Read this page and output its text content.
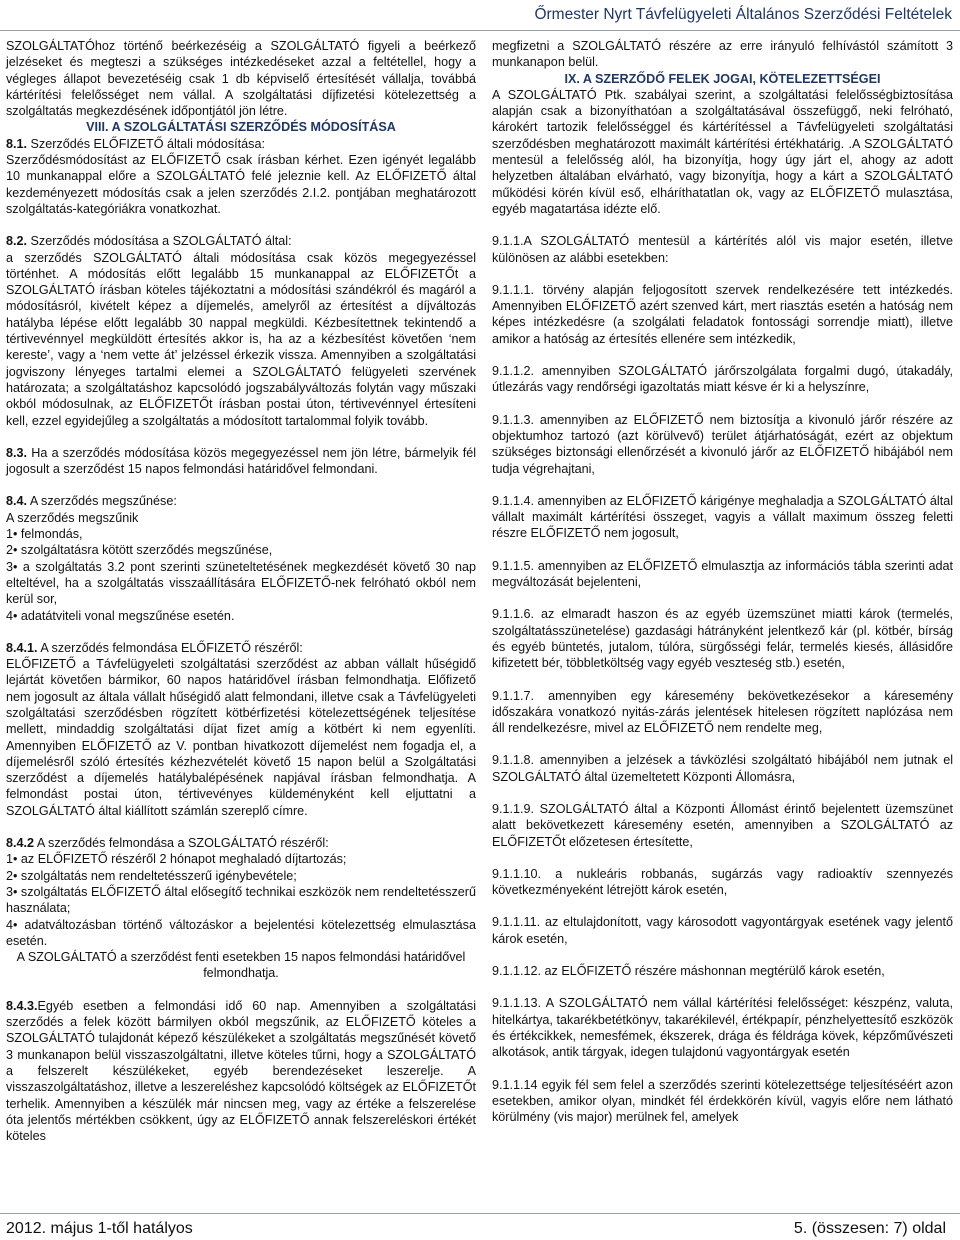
Őrmester Nyrt Távfelügyeleti Általános Szerződési Feltételek

SZOLGÁLTATÓhoz történő beérkezéséig a SZOLGÁLTATÓ figyeli a beérkező jelzéseket és megteszi a szükséges intézkedéseket azzal a feltétellel, hogy a végleges állapot bevezetéséig csak 1 db képviselő értesítését vállalja, továbbá kártérítési felelősséget nem vállal. A szolgáltatási díjfizetési kötelezettség a szolgáltatás megkezdésének időpontjától jön létre.

VIII. A SZOLGÁLTATÁSI SZERZŐDÉS MÓDOSÍTÁSA

8.1. Szerződés ELŐFIZETŐ általi módosítása:

Szerződésmódosítást az ELŐFIZETŐ csak írásban kérhet. Ezen igényét legalább 10 munkanappal előre a SZOLGÁLTATÓ felé jeleznie kell. Az ELŐFIZETŐ által kezdeményezett módosítás csak a jelen szerződés 2.I.2. pontjában meghatározott szolgáltatás-kategóriákra vonatkozhat.

8.2. Szerződés módosítása a SZOLGÁLTATÓ által:

a szerződés SZOLGÁLTATÓ általi módosítása csak közös megegyezéssel történhet. A módosítás előtt legalább 15 munkanappal az ELŐFIZETŐt a SZOLGÁLTATÓ írásban köteles tájékoztatni a módosítási szándékról és magáról a módosításról, kivételt képez a díjemelés, amelyről az értesítést a díjváltozás hatályba lépése előtt legalább 30 nappal megküldi. Kézbesítettnek tekintendő a tértivevénnyel megküldött értesítés akkor is, ha az a kézbesítést követően ‘nem kereste’, vagy a ‘nem vette át’ jelzéssel érkezik vissza. Amennyiben a szolgáltatási jogviszony lényeges tartalmi elemei a SZOLGÁLTATÓ felügyeleti szervének határozata; a szolgáltatáshoz kapcsolódó jogszabályváltozás folytán vagy műszaki okból módosulnak, az ELŐFIZETŐt írásban postai úton, tértivevénnyel értesíteni kell, ezzel egyidejűleg a szolgáltatás a módosított tartalommal folyik tovább.

8.3. Ha a szerződés módosítása közös megegyezéssel nem jön létre, bármelyik fél jogosult a szerződést 15 napos felmondási határidővel felmondani.

8.4. A szerződés megszűnése:

A szerződés megszűnik

1• felmondás,

2• szolgáltatásra kötött szerződés megszűnése,

3• a szolgáltatás 3.2 pont szerinti szüneteltetésének megkezdését követő 30 nap elteltével, ha a szolgáltatás visszaállítására ELŐFIZETŐ-nek felróható okból nem kerül sor,

4• adatátviteli vonal megszűnése esetén.

8.4.1. A szerződés felmondása ELŐFIZETŐ részéről:

ELŐFIZETŐ a Távfelügyeleti szolgáltatási szerződést az abban vállalt hűségidő lejártát követően bármikor, 60 napos határidővel írásban felmondhatja. Előfizető nem jogosult az általa vállalt hűségidő alatt felmondani, illetve csak a Távfelügyeleti szolgáltatási szerződésben rögzített kötbérfizetési kötelezettségének teljesítése mellett, mindaddig szolgáltatási díjat fizet amíg a kötbért ki nem egyenlíti. Amennyiben ELŐFIZETŐ az V. pontban hivatkozott díjemelést nem fogadja el, a díjemelésről szóló értesítés kézhezvételét követő 15 napon belül a Szolgáltatási szerződést a díjemelés hatálybalépésének napjával írásban felmondhatja. A felmondást postai úton, tértivevényes küldeményként kell eljuttatni a SZOLGÁLTATÓ által kiállított számlán szereplő címre.

8.4.2 A szerződés felmondása a SZOLGÁLTATÓ részéről:

1• az ELŐFIZETŐ részéről 2 hónapot meghaladó díjtartozás;

2• szolgáltatás nem rendeltetésszerű igénybevétele;

3• szolgáltatás ELŐFIZETŐ által elősegítő technikai eszközök nem rendeltetésszerű használata;

4• adatváltozásban történő változáskor a bejelentési kötelezettség elmulasztása esetén.

A SZOLGÁLTATÓ a szerződést fenti esetekben 15 napos felmondási határidővel felmondhatja.

8.4.3.Egyéb esetben a felmondási idő 60 nap. Amennyiben a szolgáltatási szerződés a felek között bármilyen okból megszűnik, az ELŐFIZETŐ köteles a SZOLGÁLTATÓ tulajdonát képező készülékeket a szolgáltatás megszűnését követő 3 munkanapon belül visszaszolgáltatni, illetve köteles tűrni, hogy a SZOLGÁLTATÓ a felszerelt készülékeket, egyéb berendezéseket leszerelje. A visszaszolgáltatáshoz, illetve a leszereléshez kapcsolódó költségek az ELŐFIZETŐt terhelik. Amennyiben a készülék már nincsen meg, vagy az értéke a felszerelése óta jelentős mértékben csökkent, úgy az ELŐFIZETŐ annak felszereléskori értékét köteles

megfizetni a SZOLGÁLTATÓ részére az erre irányuló felhívástól számított 3 munkanapon belül.

IX. A SZERZŐDŐ FELEK JOGAI, KÖTELEZETTSÉGEI

A SZOLGÁLTATÓ Ptk. szabályai szerint, a szolgáltatási felelősségbiztosítása alapján csak a bizonyíthatóan a szolgáltatásával összefüggő, neki felróható, károkért tartozik felelősséggel és kártérítéssel a Távfelügyeleti szolgáltatási szerződésben meghatározott maximált kártérítési értékhatárig. .A SZOLGÁLTATÓ mentesül a felelősség alól, ha bizonyítja, hogy úgy járt el, ahogy az adott helyzetben általában elvárható, vagy bizonyítja, hogy a kárt a SZOLGÁLTATÓ működési körén kívül eső, elháríthatatlan ok, vagy az ELŐFIZETŐ mulasztása, egyéb magatartása idézte elő.

9.1.1.A SZOLGÁLTATÓ mentesül a kártérítés alól vis major esetén, illetve különösen az alábbi esetekben:

9.1.1.1. törvény alapján feljogosított szervek rendelkezésére tett intézkedés. Amennyiben ELŐFIZETŐ azért szenved kárt, mert riasztás esetén a hatóság nem képes intézkedésre (a szolgálati feladatok fontossági sorrendje miatt), illetve amikor a hatóság az értesítés ellenére sem intézkedik,

9.1.1.2. amennyiben SZOLGÁLTATÓ járőrszolgálata forgalmi dugó, útakadály, útlezárás vagy rendőrségi igazoltatás miatt késve ér ki a helyszínre,

9.1.1.3. amennyiben az ELŐFIZETŐ nem biztosítja a kivonuló járőr részére az objektumhoz tartozó (azt körülvevő) terület átjárhatóságát, ezért az objektum szükséges biztonsági ellenőrzését a kivonuló járőr az ELŐFIZETŐ hibájából nem tudja végrehajtani,

9.1.1.4. amennyiben az ELŐFIZETŐ kárigénye meghaladja a SZOLGÁLTATÓ által vállalt maximált kártérítési összeget, vagyis a vállalt maximum összeg feletti részre ELŐFIZETŐ nem jogosult,

9.1.1.5. amennyiben az ELŐFIZETŐ elmulasztja az információs tábla szerinti adat megváltozását bejelenteni,

9.1.1.6. az elmaradt haszon és az egyéb üzemszünet miatti károk (termelés, szolgáltatásszünetelése) gazdasági hátrányként jelentkező kár (pl. kötbér, bírság és egyéb büntetés, jutalom, túlóra, sürgősségi felár, termelés kiesés, állásidőre kifizetett bér, többletköltség vagy egyéb veszteség stb.) esetén,

9.1.1.7. amennyiben egy káresemény bekövetkezésekor a káresemény időszakára vonatkozó nyitás-zárás jelentések hitelesen rögzített naplózása nem áll rendelkezésre, mivel az ELŐFIZETŐ nem rendelte meg,

9.1.1.8. amennyiben a jelzések a távközlési szolgáltató hibájából nem jutnak el SZOLGÁLTATÓ által üzemeltetett Központi Állomásra,

9.1.1.9. SZOLGÁLTATÓ által a Központi Állomást érintő bejelentett üzemszünet alatt bekövetkezett káresemény esetén, amennyiben a SZOLGÁLTATÓ az ELŐFIZETŐt előzetesen értesítette,

9.1.1.10. a nukleáris robbanás, sugárzás vagy radioaktív szennyezés következményeként létrejött károk esetén,

9.1.1.11. az eltulajdonított, vagy károsodott vagyontárgyak esetének vagy jelentő károk esetén,

9.1.1.12. az ELŐFIZETŐ részére máshonnan megtérülő károk esetén,

9.1.1.13. A SZOLGÁLTATÓ nem vállal kártérítési felelősséget: készpénz, valuta, hitelkártya, takarékbetétkönyv, takarékilevél, értékpapír, pénzhelyettesítő eszközök és értékcikkek, nemesfémek, ékszerek, drága és féldrága kövek, képzőművészeti alkotások, antik tárgyak, idegen tulajdonú vagyontárgyak esetén

9.1.1.14 egyik fél sem felel a szerződés szerinti kötelezettsége teljesítéséért azon esetekben, amikor olyan, mindkét fél érdekkörén kívül, vagyis előre nem látható körülmény (vis major) merülnek fel, amelyek

2012. május 1-től hatályos	5. (összesen: 7) oldal
